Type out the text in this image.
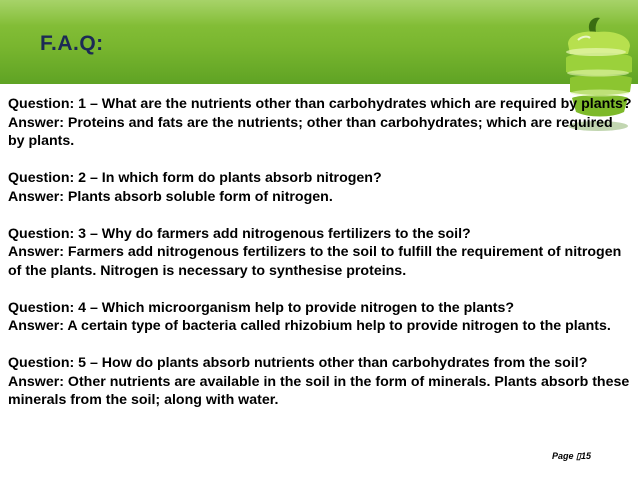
F.A.Q:

Question: 1 – What are the nutrients other than carbohydrates which are required by plants?

Answer: Proteins and fats are the nutrients; other than carbohydrates; which are required by plants.

Question: 2 – In which form do plants absorb nitrogen?

Answer: Plants absorb soluble form of nitrogen.

Question: 3 – Why do farmers add nitrogenous fertilizers to the soil?

Answer: Farmers add nitrogenous fertilizers to the soil to fulfill the requirement of nitrogen of the plants. Nitrogen is necessary to synthesise proteins.

Question: 4 – Which microorganism help to provide nitrogen to the plants?

Answer: A certain type of bacteria called rhizobium help to provide nitrogen to the plants.

Question: 5 – How do plants absorb nutrients other than carbohydrates from the soil?

Answer: Other nutrients are available in the soil in the form of minerals. Plants absorb these minerals from the soil; along with water.

Page ▯15
